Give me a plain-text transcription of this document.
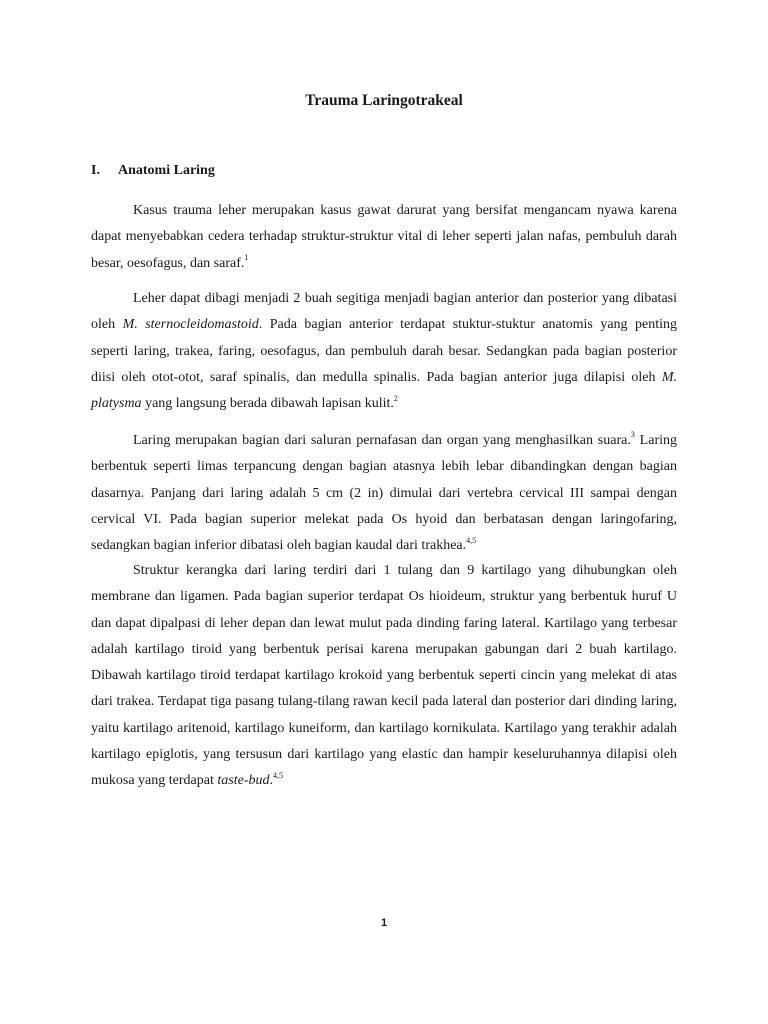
Trauma Laringotrakeal
I. Anatomi Laring

Kasus trauma leher merupakan kasus gawat darurat yang bersifat mengancam nyawa karena dapat menyebabkan cedera terhadap struktur-struktur vital di leher seperti jalan nafas, pembuluh darah besar, oesofagus, dan saraf.$^1$

Leher dapat dibagi menjadi 2 buah segitiga menjadi bagian anterior dan posterior yang dibatasi oleh M. sternocleidomastoid. Pada bagian anterior terdapat stuktur-stuktur anatomis yang penting seperti laring, trakea, faring, oesofagus, dan pembuluh darah besar. Sedangkan pada bagian posterior diisi oleh otot-otot, saraf spinalis, dan medulla spinalis. Pada bagian anterior juga dilapisi oleh M. platysma yang langsung berada dibawah lapisan kulit.$^2$

Laring merupakan bagian dari saluran pernafasan dan organ yang menghasilkan suara.$^3$ Laring berbentuk seperti limas terpancung dengan bagian atasnya lebih lebar dibandingkan dengan bagian dasarnya. Panjang dari laring adalah 5 cm (2 in) dimulai dari vertebra cervical III sampai dengan cervical VI. Pada bagian superior melekat pada Os hyoid dan berbatasan dengan laringofaring, sedangkan bagian inferior dibatasi oleh bagian kaudal dari trakhea.$^{4,5}$

Struktur kerangka dari laring terdiri dari 1 tulang dan 9 kartilago yang dihubungkan oleh membrane dan ligamen. Pada bagian superior terdapat Os hioideum, struktur yang berbentuk huruf U dan dapat dipalpasi di leher depan dan lewat mulut pada dinding faring lateral. Kartilago yang terbesar adalah kartilago tiroid yang berbentuk perisai karena merupakan gabungan dari 2 buah kartilago. Dibawah kartilago tiroid terdapat kartilago krokoid yang berbentuk seperti cincin yang melekat di atas dari trakea. Terdapat tiga pasang tulang-tilang rawan kecil pada lateral dan posterior dari dinding laring, yaitu kartilago aritenoid, kartilago kuneiform, dan kartilago kornikulata. Kartilago yang terakhir adalah kartilago epiglotis, yang tersusun dari kartilago yang elastic dan hampir keseluruhannya dilapisi oleh mukosa yang terdapat taste-bud.$^{4,5}$

1
